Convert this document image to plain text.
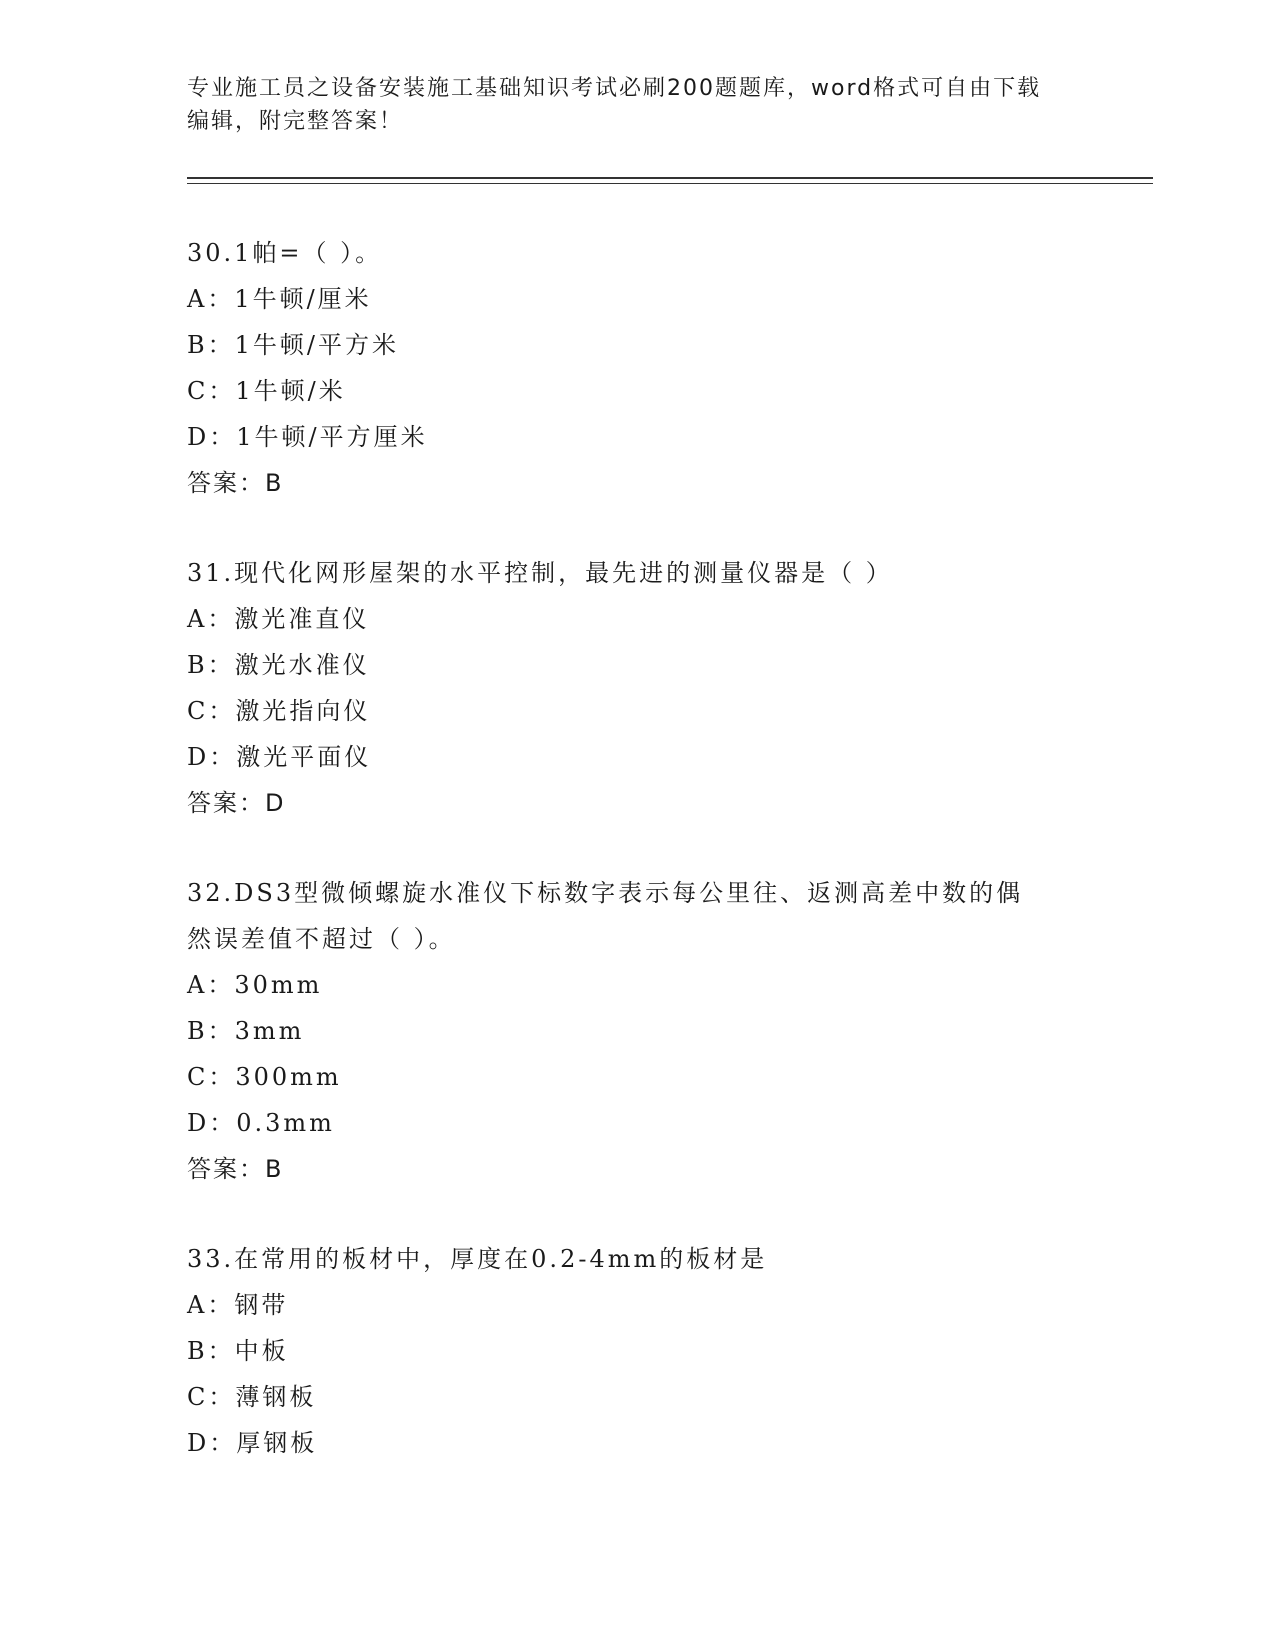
专业施工员之设备安装施工基础知识考试必刷200题题库，word格式可自由下载
编辑，附完整答案！
30.1帕=（ ）。
A：1牛顿/厘米
B：1牛顿/平方米
C：1牛顿/米
D：1牛顿/平方厘米
答案：B
31.现代化网形屋架的水平控制，最先进的测量仪器是（ ）
A：激光准直仪
B：激光水准仪
C：激光指向仪
D：激光平面仪
答案：D
32.DS3型微倾螺旋水准仪下标数字表示每公里往、返测高差中数的偶
然误差值不超过（ ）。
A：30mm
B：3mm
C：300mm
D：0.3mm
答案：B
33.在常用的板材中，厚度在0.2-4mm的板材是
A：钢带
B：中板
C：薄钢板
D：厚钢板
